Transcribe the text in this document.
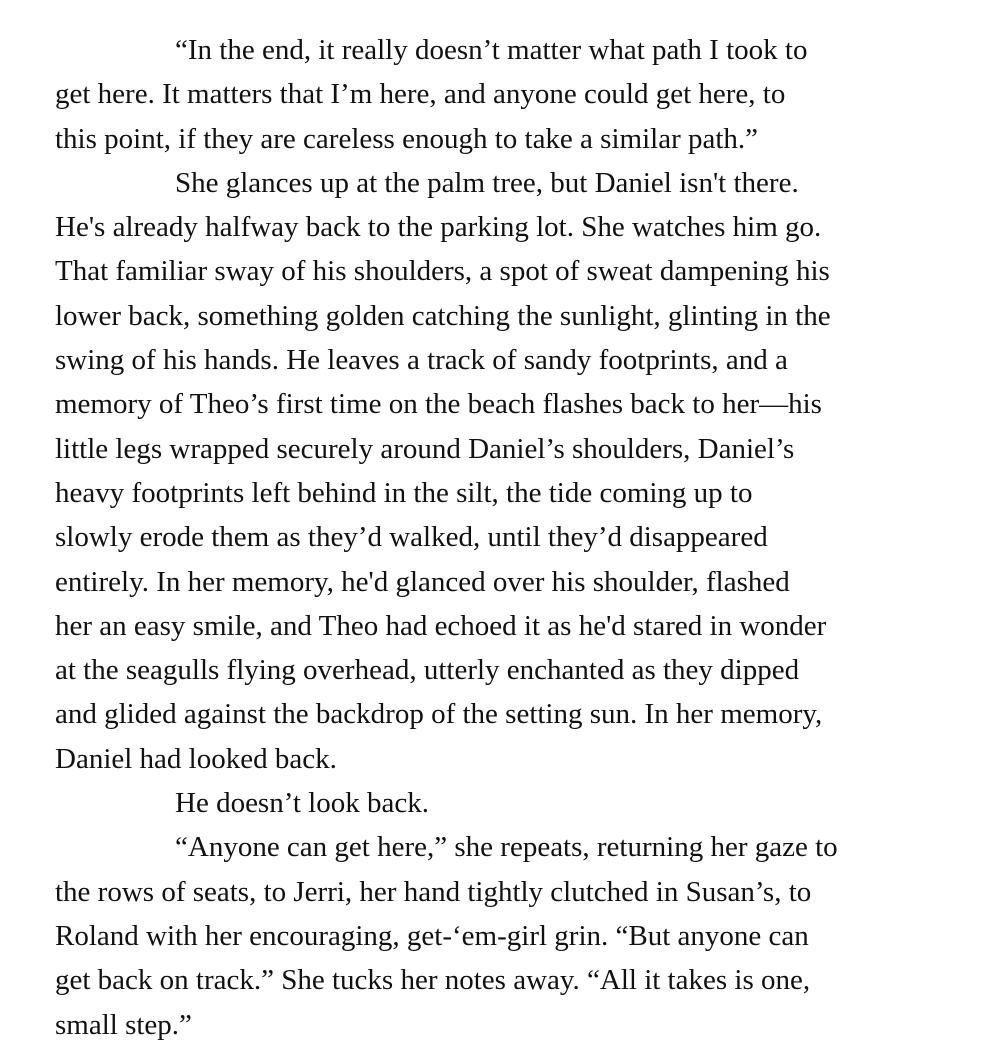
“In the end, it really doesn’t matter what path I took to
get here. It matters that I’m here, and anyone could get here, to
this point, if they are careless enough to take a similar path.”
She glances up at the palm tree, but Daniel isn't there.
He's already halfway back to the parking lot. She watches him go.
That familiar sway of his shoulders, a spot of sweat dampening his
lower back, something golden catching the sunlight, glinting in the
swing of his hands. He leaves a track of sandy footprints, and a
memory of Theo’s first time on the beach flashes back to her—his
little legs wrapped securely around Daniel’s shoulders, Daniel’s
heavy footprints left behind in the silt, the tide coming up to
slowly erode them as they’d walked, until they’d disappeared
entirely. In her memory, he'd glanced over his shoulder, flashed
her an easy smile, and Theo had echoed it as he'd stared in wonder
at the seagulls flying overhead, utterly enchanted as they dipped
and glided against the backdrop of the setting sun. In her memory,
Daniel had looked back.
He doesn’t look back.
“Anyone can get here,” she repeats, returning her gaze to
the rows of seats, to Jerri, her hand tightly clutched in Susan’s, to
Roland with her encouraging, get-‘em-girl grin. “But anyone can
get back on track.” She tucks her notes away. “All it takes is one,
small step.”
